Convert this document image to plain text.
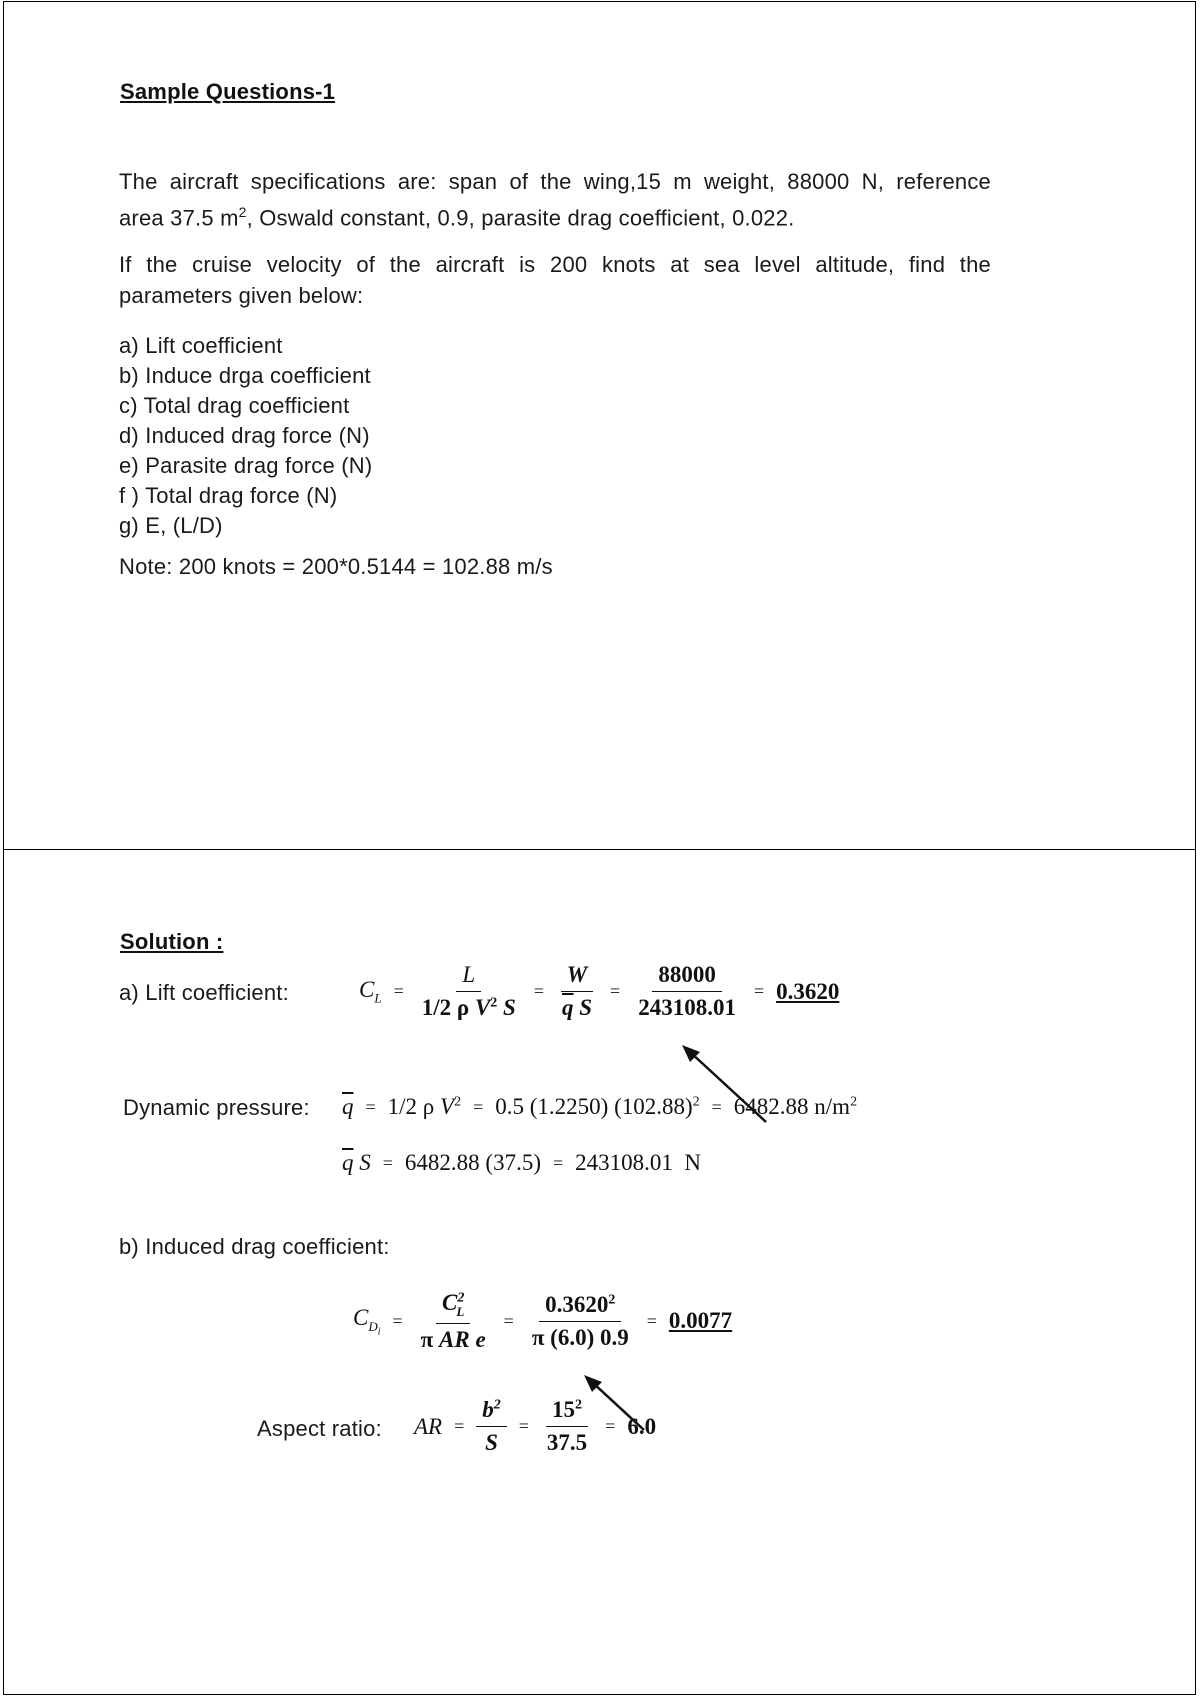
Sample Questions-1
The aircraft specifications are: span of the wing,15 m weight, 88000 N, reference
area 37.5 $m^2$, Oswald constant, 0.9, parasite drag coefficient, 0.022.
If the cruise velocity of the aircraft is 200 knots at sea level altitude, find the
parameters given below:
a) Lift coefficient
b) Induce drga coefficient
c) Total drag coefficient
d) Induced drag force (N)
e) Parasite drag force (N)
f ) Total drag force (N)
g) E, (L/D)
Note: 200 knots = 200*0.5144 = 102.88 m/s
Solution :
a) Lift coefficient:	$C_L = \frac{L}{1/2 \rho V^2 S} = \frac{W}{\overline{q} S} = \frac{88000}{243108.01} = 0.3620$
Dynamic pressure: $\overline{q} = 1/2$ ρ $V^2 = 0.5$ (1.2250) $(102.88)^2 = 6482.88$
$n/m^2$
$\overline{q}$ S = 6482.88 (37.5) = 243108.01
N
b) Induced drag coefficient:
$C_{D_i}$
= $\frac{C^2_L}{\text{π AR e}} = \frac{0.3620^2}{\pi (6.0) 0.9} = 0.0077$
Aspect ratio: AR = $\frac{b^2}{S} = \frac{15^2}{37.5} = 6.0$
